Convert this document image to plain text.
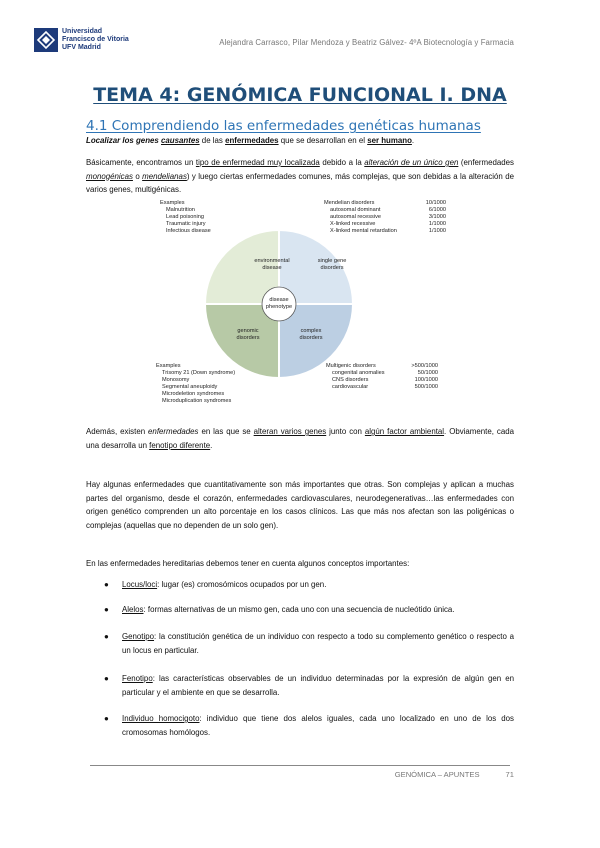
Universidad
Francisco de Vitoria
UFV Madrid
Alejandra Carrasco, Pilar Mendoza y Beatriz Gálvez- 4ºA Biotecnología y Farmacia
TEMA 4: GENÓMICA FUNCIONAL I. DNA
4.1 Comprendiendo las enfermedades genéticas humanas
Localizar los genes causantes de las enfermedades que se desarrollan en el ser humano.
Básicamente, encontramos un tipo de enfermedad muy localizada debido a la alteración de un único gen (enfermedades monogénicas o mendelianas) y luego ciertas enfermedades comunes, más complejas, que son debidas a la alteración de varios genes, multigénicas.
Examples
Malnutrition
Lead poisoning
Traumatic injury
Infectious disease
Mendelian disorders	10/1000
autosomal dominant	6/1000
autosomal recessive	3/1000
X-linked recessive	1/1000
X-linked mental retardation	1/1000
environmental
disease
single gene
disorders
genomic
disorders
complex
disorders
disease
phenotype
Examples
Trisomy 21 (Down syndrome)
Monosomy
Segmental aneuploidy
Microdeletion syndromes
Microduplication syndromes
Multigenic disorders	>500/1000
congenital anomalies	50/1000
CNS disorders	100/1000
cardiovascular	500/1000
Además, existen enfermedades en las que se alteran varios genes junto con algún factor ambiental. Obviamente, cada una desarrolla un fenotipo diferente.
Hay algunas enfermedades que cuantitativamente son más importantes que otras. Son complejas y aplican a muchas partes del organismo, desde el corazón, enfermedades cardiovasculares, neurodegenerativas…las enfermedades con origen genético comprenden un alto porcentaje en los casos clínicos. Las que más nos afectan son las poligénicas o complejas (aquellas que no dependen de un solo gen).
En las enfermedades hereditarias debemos tener en cuenta algunos conceptos importantes:
● Locus/loci: lugar (es) cromosómicos ocupados por un gen.
● Alelos: formas alternativas de un mismo gen, cada uno con una secuencia de nucleótido única.
● Genotipo: la constitución genética de un individuo con respecto a todo su complemento genético o respecto a un locus en particular.
● Fenotipo: las características observables de un individuo determinadas por la expresión de algún gen en particular y el ambiente en que se desarrolla.
● Individuo homocigoto: individuo que tiene dos alelos iguales, cada uno localizado en uno de los dos cromosomas homólogos.
GENÓMICA – APUNTES	71
